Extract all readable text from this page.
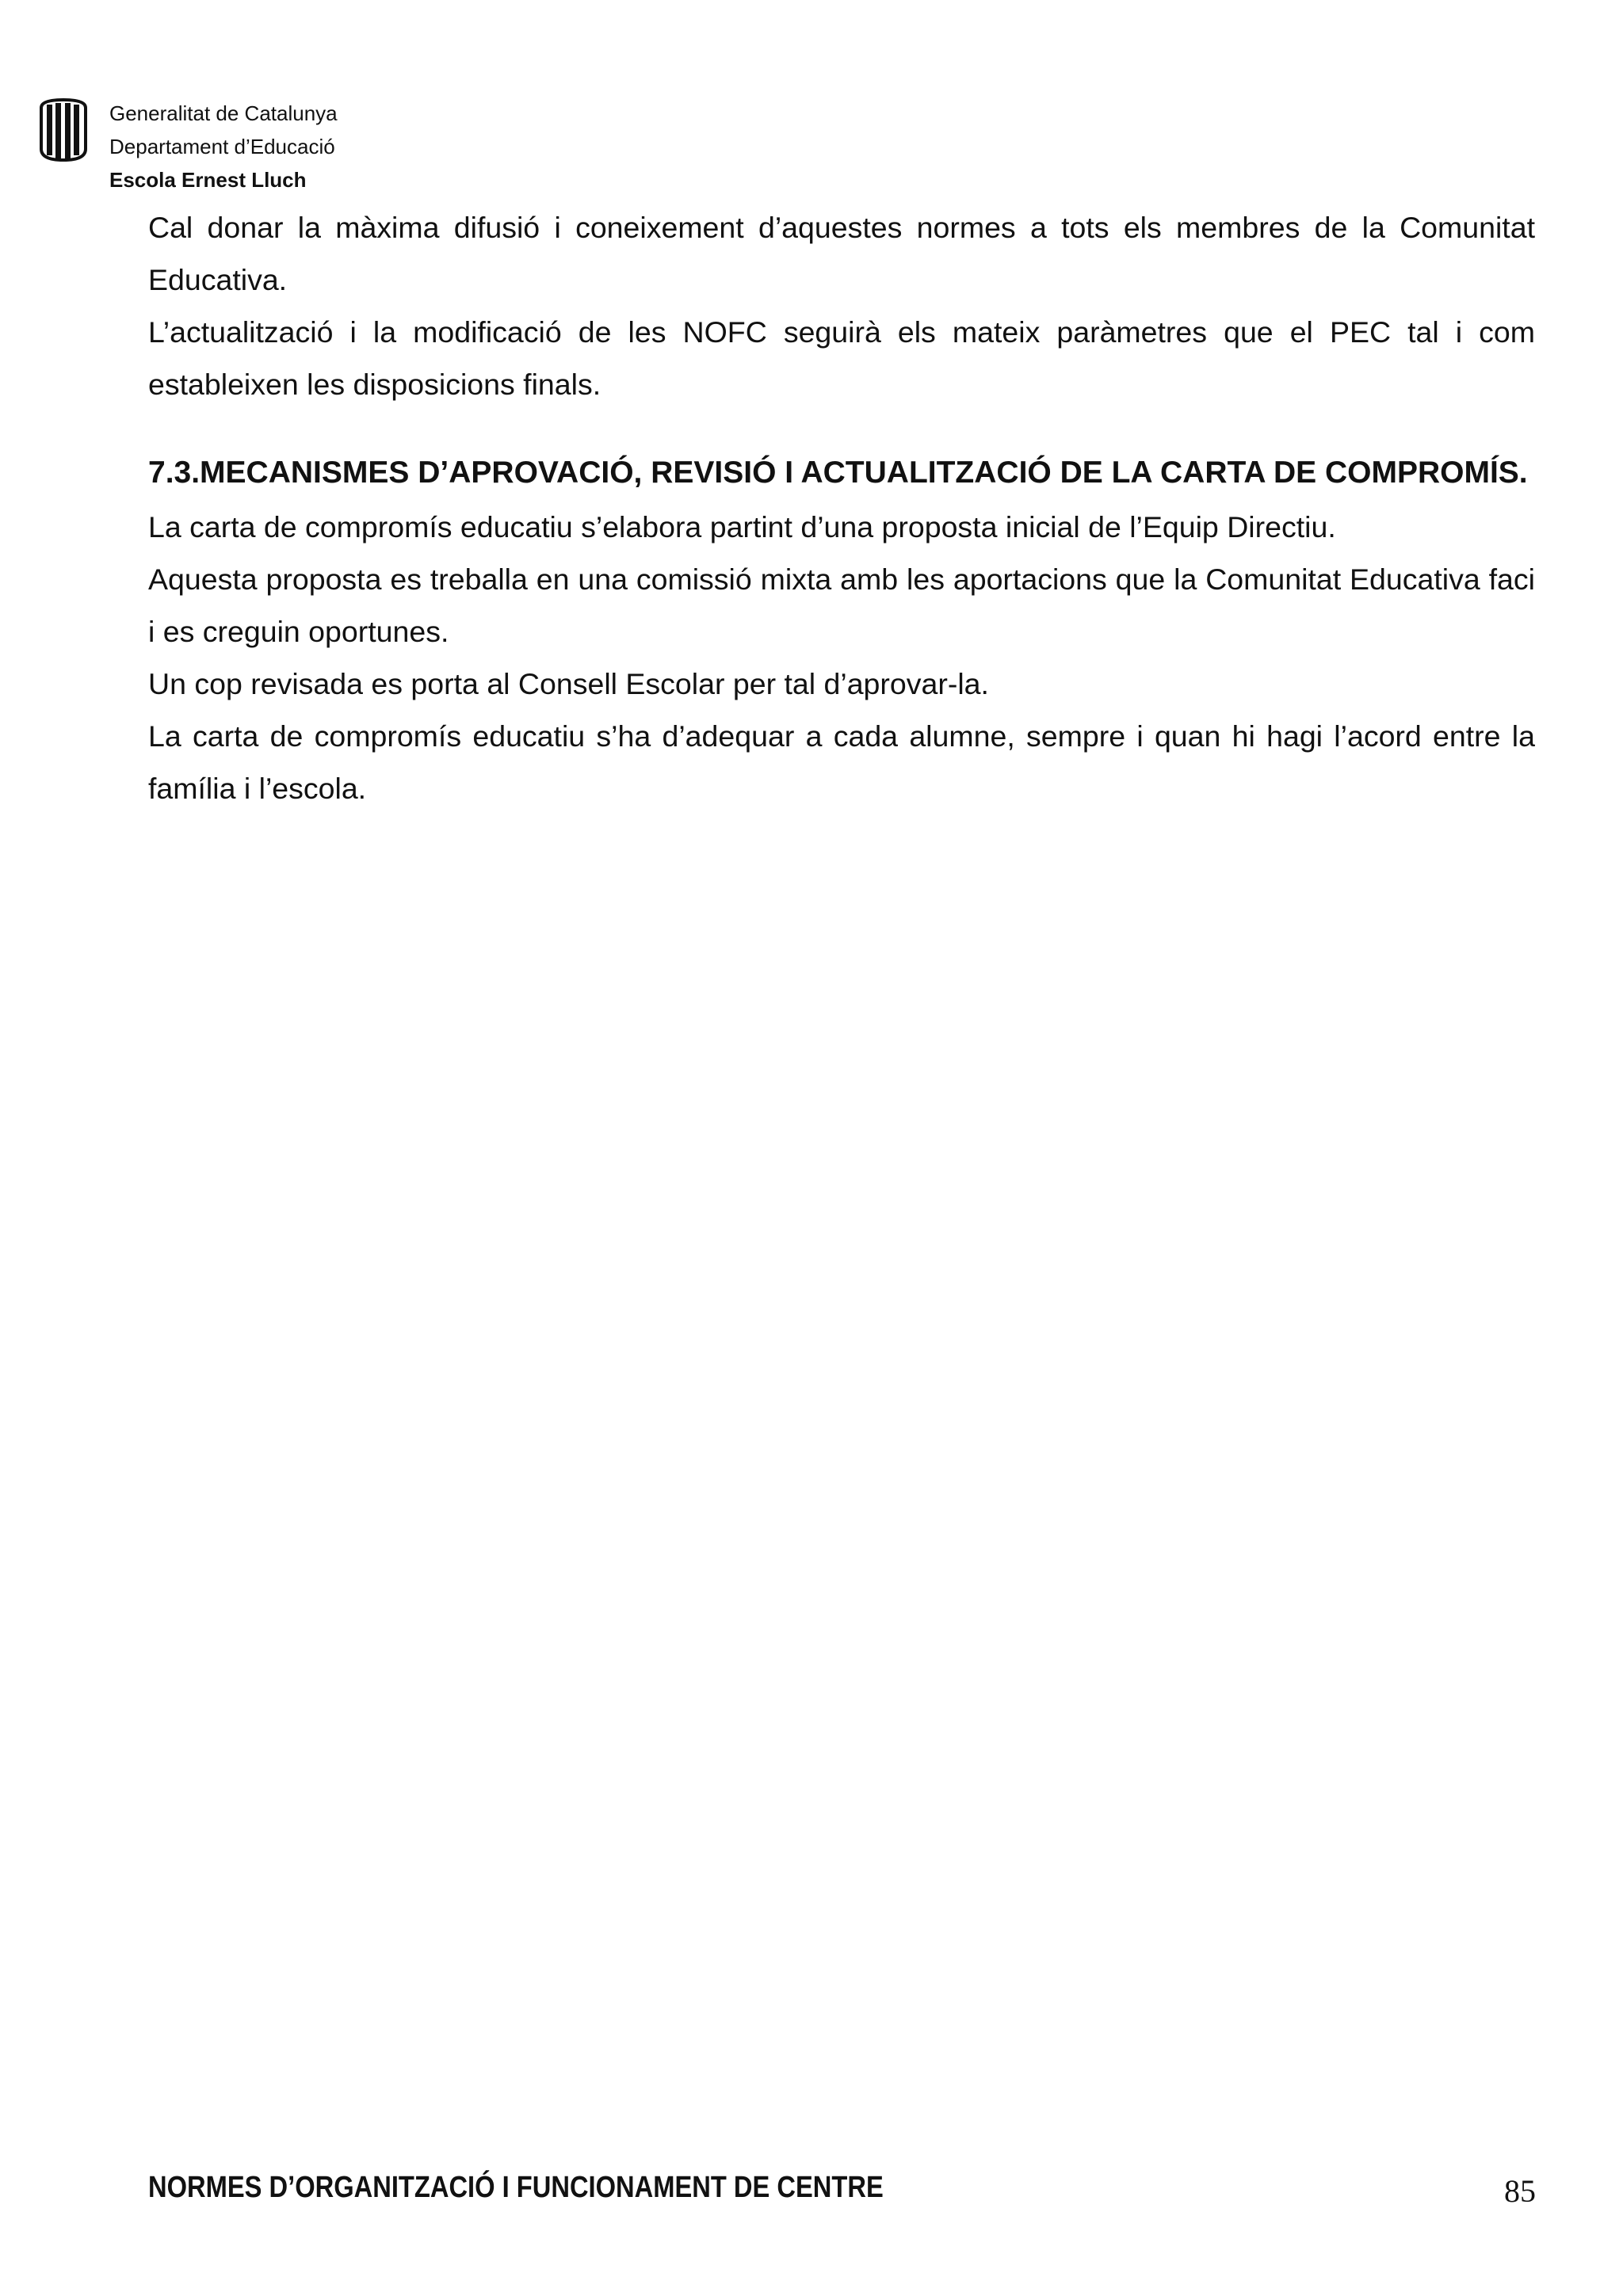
Generalitat de Catalunya
Departament d’Educació
Escola Ernest Lluch

Cal donar la màxima difusió i coneixement d’aquestes normes a tots els membres de la Comunitat Educativa.

L’actualització i la modificació de les NOFC seguirà els mateix paràmetres que el PEC tal i com estableixen les disposicions finals.

7.3.MECANISMES D’APROVACIÓ, REVISIÓ I ACTUALITZACIÓ DE LA CARTA DE COMPROMÍS.

La carta de compromís educatiu s’elabora partint d’una proposta inicial de l’Equip Directiu.

Aquesta proposta es treballa en una comissió mixta amb les aportacions que la Comunitat Educativa faci i es creguin oportunes.

Un cop revisada es porta al Consell Escolar per tal d’aprovar-la.

La carta de compromís educatiu s’ha d’adequar a cada alumne, sempre i quan hi hagi l’acord entre la família i l’escola.

NORMES D’ORGANITZACIÓ I FUNCIONAMENT DE CENTRE	85
